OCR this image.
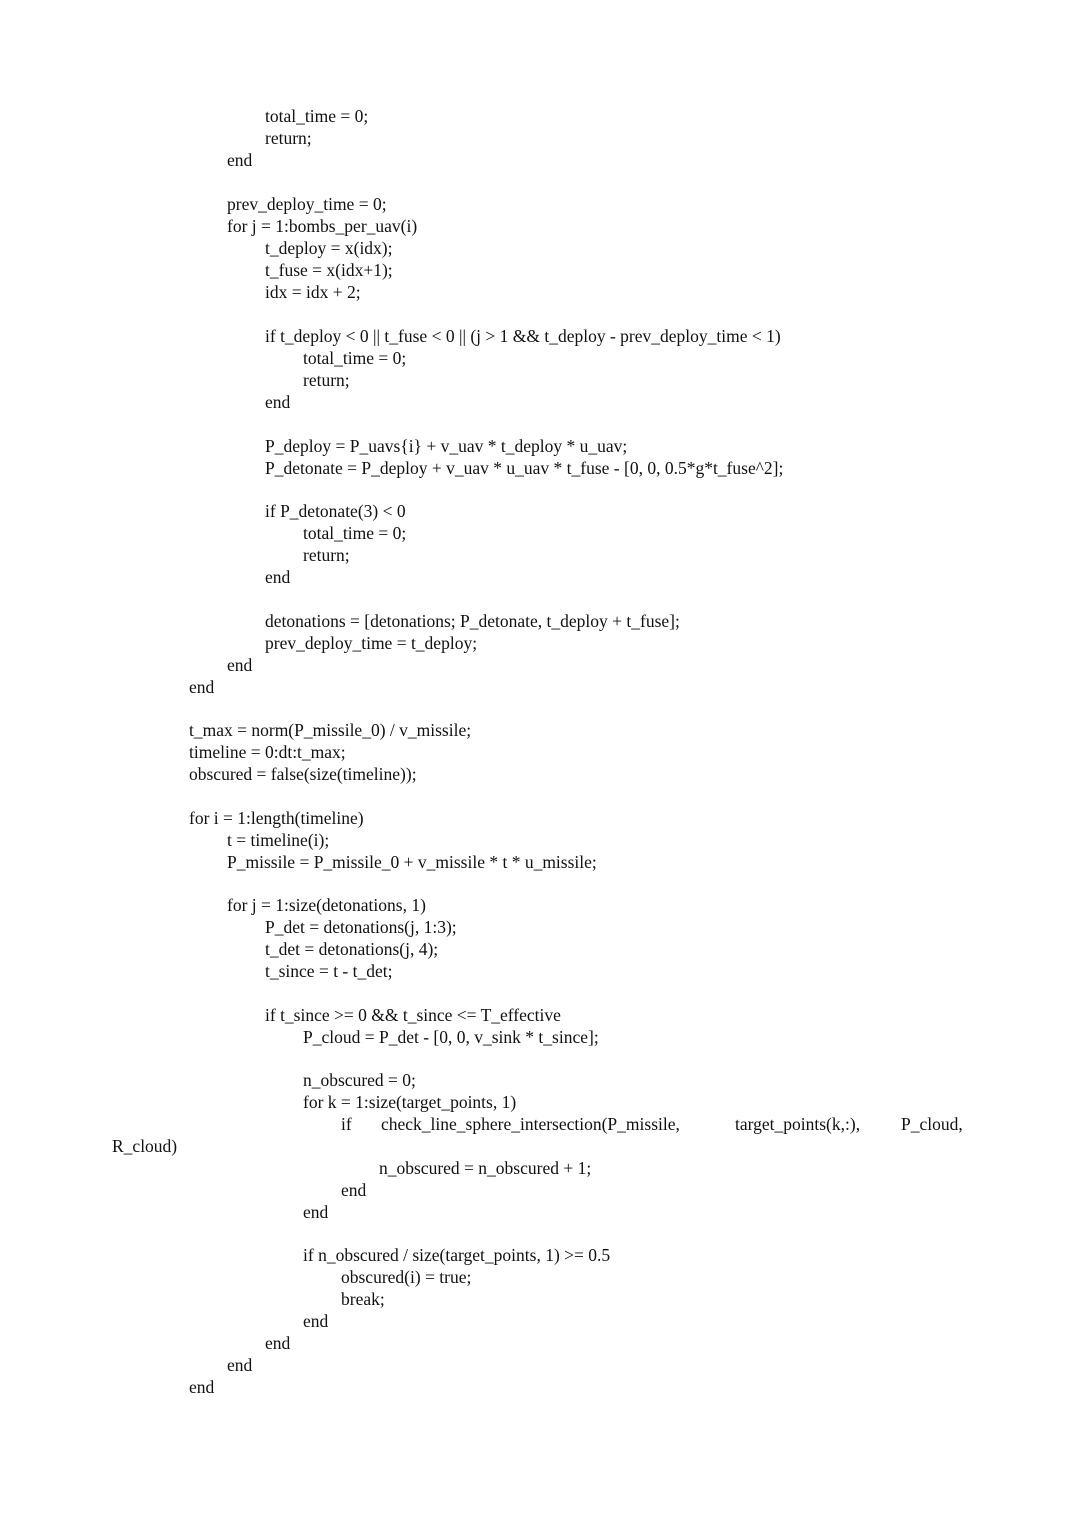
total_time = 0;
return;
end
prev_deploy_time = 0;
for j = 1:bombs_per_uav(i)
t_deploy = x(idx);
t_fuse = x(idx+1);
idx = idx + 2;
if t_deploy < 0 || t_fuse < 0 || (j > 1 && t_deploy - prev_deploy_time < 1)
total_time = 0;
return;
end
P_deploy = P_uavs{i} + v_uav * t_deploy * u_uav;
P_detonate = P_deploy + v_uav * u_uav * t_fuse - [0, 0, 0.5*g*t_fuse^2];
if P_detonate(3) < 0
total_time = 0;
return;
end
detonations = [detonations; P_detonate, t_deploy + t_fuse];
prev_deploy_time = t_deploy;
end
end
t_max = norm(P_missile_0) / v_missile;
timeline = 0:dt:t_max;
obscured = false(size(timeline));
for i = 1:length(timeline)
t = timeline(i);
P_missile = P_missile_0 + v_missile * t * u_missile;
for j = 1:size(detonations, 1)
P_det = detonations(j, 1:3);
t_det = detonations(j, 4);
t_since = t - t_det;
if t_since >= 0 && t_since <= T_effective
P_cloud = P_det - [0, 0, v_sink * t_since];
n_obscured = 0;
for k = 1:size(target_points, 1)
if check_line_sphere_intersection(P_missile,	target_points(k,:), P_cloud,
R_cloud)
n_obscured = n_obscured + 1;
end
end
if n_obscured / size(target_points, 1) >= 0.5
obscured(i) = true;
break;
end
end
end
end
